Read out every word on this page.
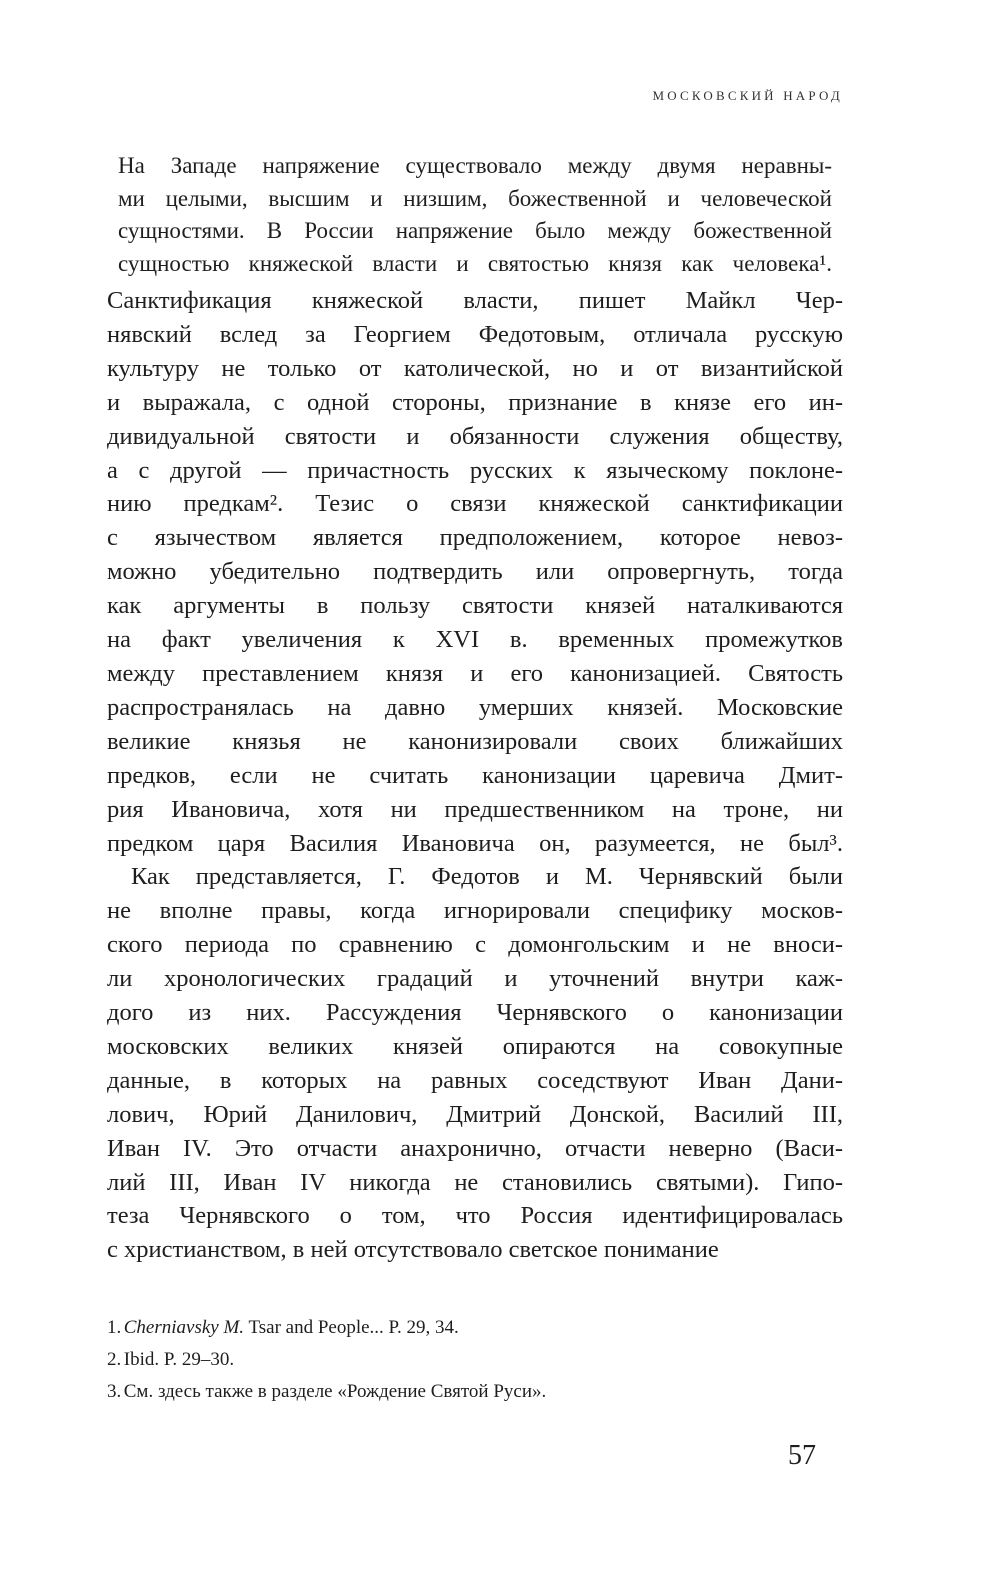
МОСКОВСКИЙ НАРОД
На Западе напряжение существовало между двумя неравны-
ми целыми, высшим и низшим, божественной и человеческой
сущностями. В России напряжение было между божественной
сущностью княжеской власти и святостью князя как человека¹.
Санктификация княжеской власти, пишет Майкл Чер-
нявский вслед за Георгием Федотовым, отличала русскую
культуру не только от католической, но и от византийской
и выражала, с одной стороны, признание в князе его ин-
дивидуальной святости и обязанности служения обществу,
а с другой — причастность русских к языческому поклоне-
нию предкам². Тезис о связи княжеской санктификации
с язычеством является предположением, которое невоз-
можно убедительно подтвердить или опровергнуть, тогда
как аргументы в пользу святости князей наталкиваются
на факт увеличения к XVI в. временных промежутков
между преставлением князя и его канонизацией. Святость
распространялась на давно умерших князей. Московские
великие князья не канонизировали своих ближайших
предков, если не считать канонизации царевича Дмит-
рия Ивановича, хотя ни предшественником на троне, ни
предком царя Василия Ивановича он, разумеется, не был³.
Как представляется, Г. Федотов и М. Чернявский были
не вполне правы, когда игнорировали специфику москов-
ского периода по сравнению с домонгольским и не вноси-
ли хронологических градаций и уточнений внутри каж-
дого из них. Рассуждения Чернявского о канонизации
московских великих князей опираются на совокупные
данные, в которых на равных соседствуют Иван Дани-
лович, Юрий Данилович, Дмитрий Донской, Василий III,
Иван IV. Это отчасти анахронично, отчасти неверно (Васи-
лий III, Иван IV никогда не становились святыми). Гипо-
теза Чернявского о том, что Россия идентифицировалась
с христианством, в ней отсутствовало светское понимание
1. Cherniavsky M. Tsar and People... P. 29, 34.
2. Ibid. P. 29–30.
3. См. здесь также в разделе «Рождение Святой Руси».
57
